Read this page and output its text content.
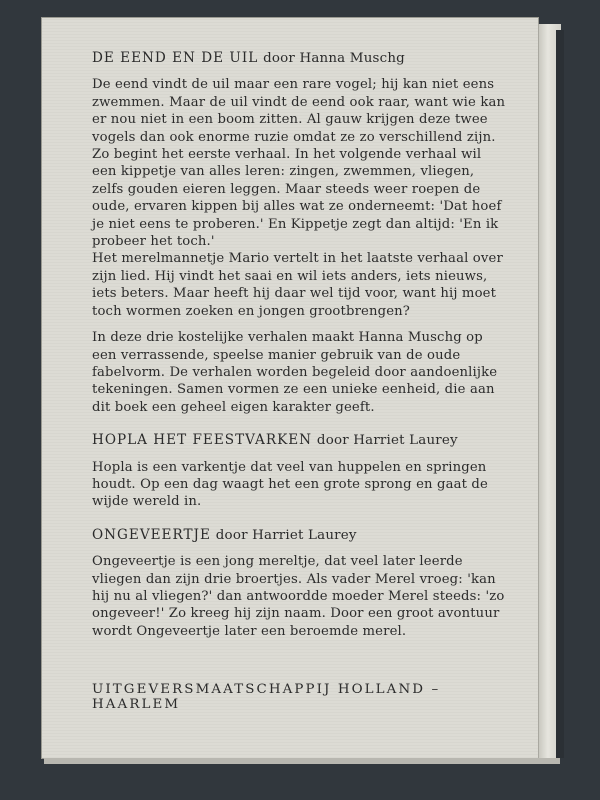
DE EEND EN DE UIL door Hanna Muschg

De eend vindt de uil maar een rare vogel; hij kan niet eens zwemmen. Maar de uil vindt de eend ook raar, want wie kan er nou niet in een boom zitten. Al gauw krijgen deze twee vogels dan ook enorme ruzie omdat ze zo verschillend zijn.

Zo begint het eerste verhaal. In het volgende verhaal wil een kippetje van alles leren: zingen, zwemmen, vliegen, zelfs gouden eieren leggen. Maar steeds weer roepen de oude, ervaren kippen bij alles wat ze onderneemt: 'Dat hoef je niet eens te proberen.' En Kippetje zegt dan altijd: 'En ik probeer het toch.'

Het merelmannetje Mario vertelt in het laatste verhaal over zijn lied. Hij vindt het saai en wil iets anders, iets nieuws, iets beters. Maar heeft hij daar wel tijd voor, want hij moet toch wormen zoeken en jongen grootbrengen?

In deze drie kostelijke verhalen maakt Hanna Muschg op een verrassende, speelse manier gebruik van de oude fabelvorm. De verhalen worden begeleid door aandoenlijke tekeningen. Samen vormen ze een unieke eenheid, die aan dit boek een geheel eigen karakter geeft.

HOPLA HET FEESTVARKEN door Harriet Laurey

Hopla is een varkentje dat veel van huppelen en springen houdt. Op een dag waagt het een grote sprong en gaat de wijde wereld in.

ONGEVEERTJE door Harriet Laurey

Ongeveertje is een jong mereltje, dat veel later leerde vliegen dan zijn drie broertjes. Als vader Merel vroeg: 'kan hij nu al vliegen?' dan antwoordde moeder Merel steeds: 'zo ongeveer!' Zo kreeg hij zijn naam. Door een groot avontuur wordt Ongeveertje later een beroemde merel.

UITGEVERSMAATSCHAPPIJ HOLLAND – HAARLEM
